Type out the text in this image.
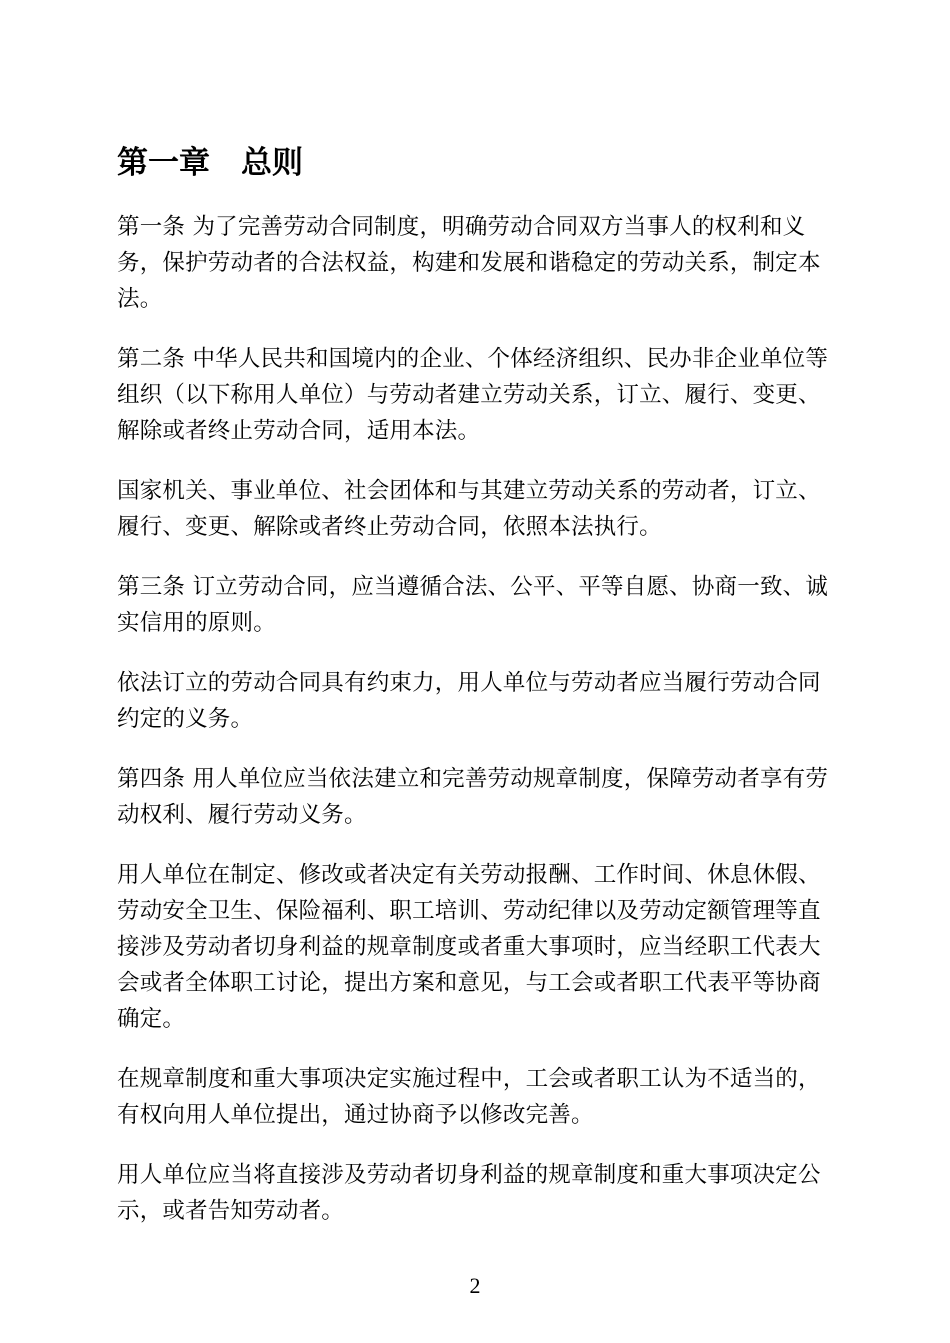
第一章　总则

第一条 为了完善劳动合同制度，明确劳动合同双方当事人的权利和义务，保护劳动者的合法权益，构建和发展和谐稳定的劳动关系，制定本法。

第二条 中华人民共和国境内的企业、个体经济组织、民办非企业单位等组织（以下称用人单位）与劳动者建立劳动关系，订立、履行、变更、解除或者终止劳动合同，适用本法。

国家机关、事业单位、社会团体和与其建立劳动关系的劳动者，订立、履行、变更、解除或者终止劳动合同，依照本法执行。

第三条 订立劳动合同，应当遵循合法、公平、平等自愿、协商一致、诚实信用的原则。

依法订立的劳动合同具有约束力，用人单位与劳动者应当履行劳动合同约定的义务。

第四条 用人单位应当依法建立和完善劳动规章制度，保障劳动者享有劳动权利、履行劳动义务。

用人单位在制定、修改或者决定有关劳动报酬、工作时间、休息休假、劳动安全卫生、保险福利、职工培训、劳动纪律以及劳动定额管理等直接涉及劳动者切身利益的规章制度或者重大事项时，应当经职工代表大会或者全体职工讨论，提出方案和意见，与工会或者职工代表平等协商确定。

在规章制度和重大事项决定实施过程中，工会或者职工认为不适当的，有权向用人单位提出，通过协商予以修改完善。

用人单位应当将直接涉及劳动者切身利益的规章制度和重大事项决定公示，或者告知劳动者。

2
